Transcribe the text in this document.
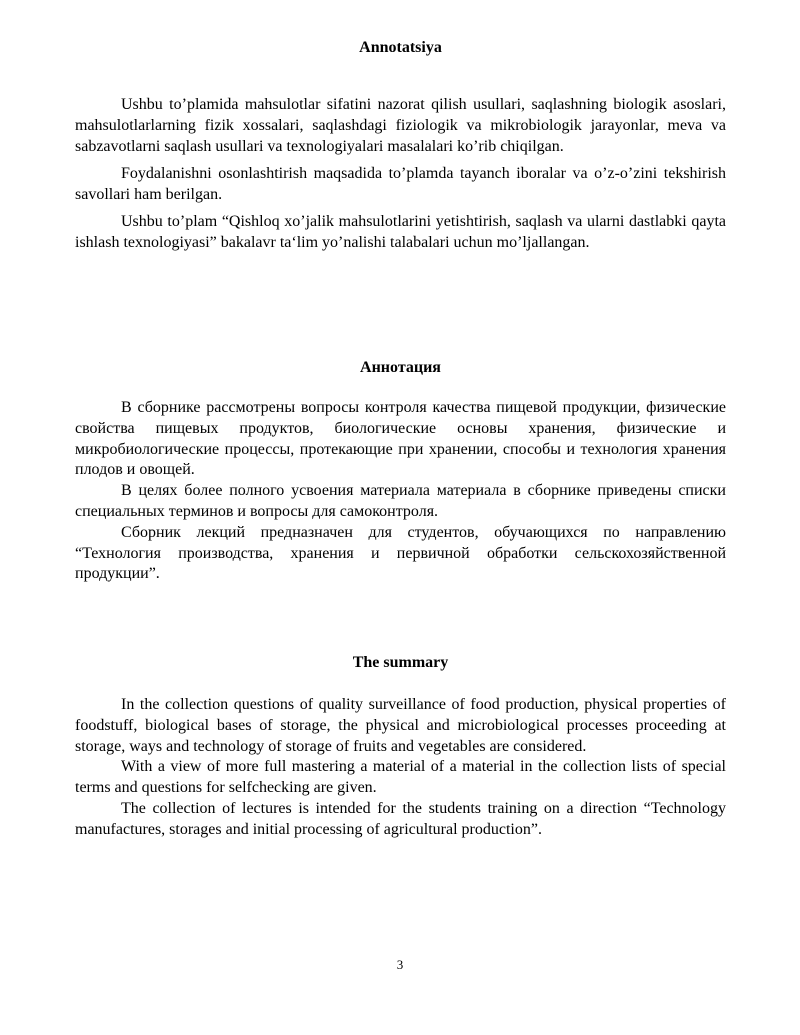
Annotatsiya

Ushbu to’plamida mahsulotlar sifatini nazorat qilish usullari, saqlashning biologik asoslari, mahsulotlarlarning fizik xossalari, saqlashdagi fiziologik va mikrobiologik jarayonlar, meva va sabzavotlarni saqlash usullari va texnologiyalari masalalari ko’rib chiqilgan.

Foydalanishni osonlashtirish maqsadida to’plamda tayanch iboralar va o’z-o’zini tekshirish savollari ham berilgan.

Ushbu to’plam “Qishloq xo’jalik mahsulotlarini yetishtirish, saqlash va ularni dastlabki qayta ishlash texnologiyasi” bakalavr ta‘lim yo’nalishi talabalari uchun mo’ljallangan.

Аннотация

В сборнике рассмотрены вопросы контроля качества пищевой продукции, физические свойства пищевых продуктов, биологические основы хранения, физические и микробиологические процессы, протекающие при хранении, способы и технология хранения плодов и овощей.

В целях более полного усвоения материала материала в сборнике приведены списки специальных терминов и вопросы для самоконтроля.

Сборник лекций предназначен для студентов, обучающихся по направлению “Технология производства, хранения и первичной обработки сельскохозяйственной продукции”.

The summary

In the collection questions of quality surveillance of food production, physical properties of foodstuff, biological bases of storage, the physical and microbiological processes proceeding at storage, ways and technology of storage of fruits and vegetables are considered.

With a view of more full mastering a material of a material in the collection lists of special terms and questions for selfchecking are given.

The collection of lectures is intended for the students training on a direction “Technology manufactures, storages and initial processing of agricultural production”.

3
